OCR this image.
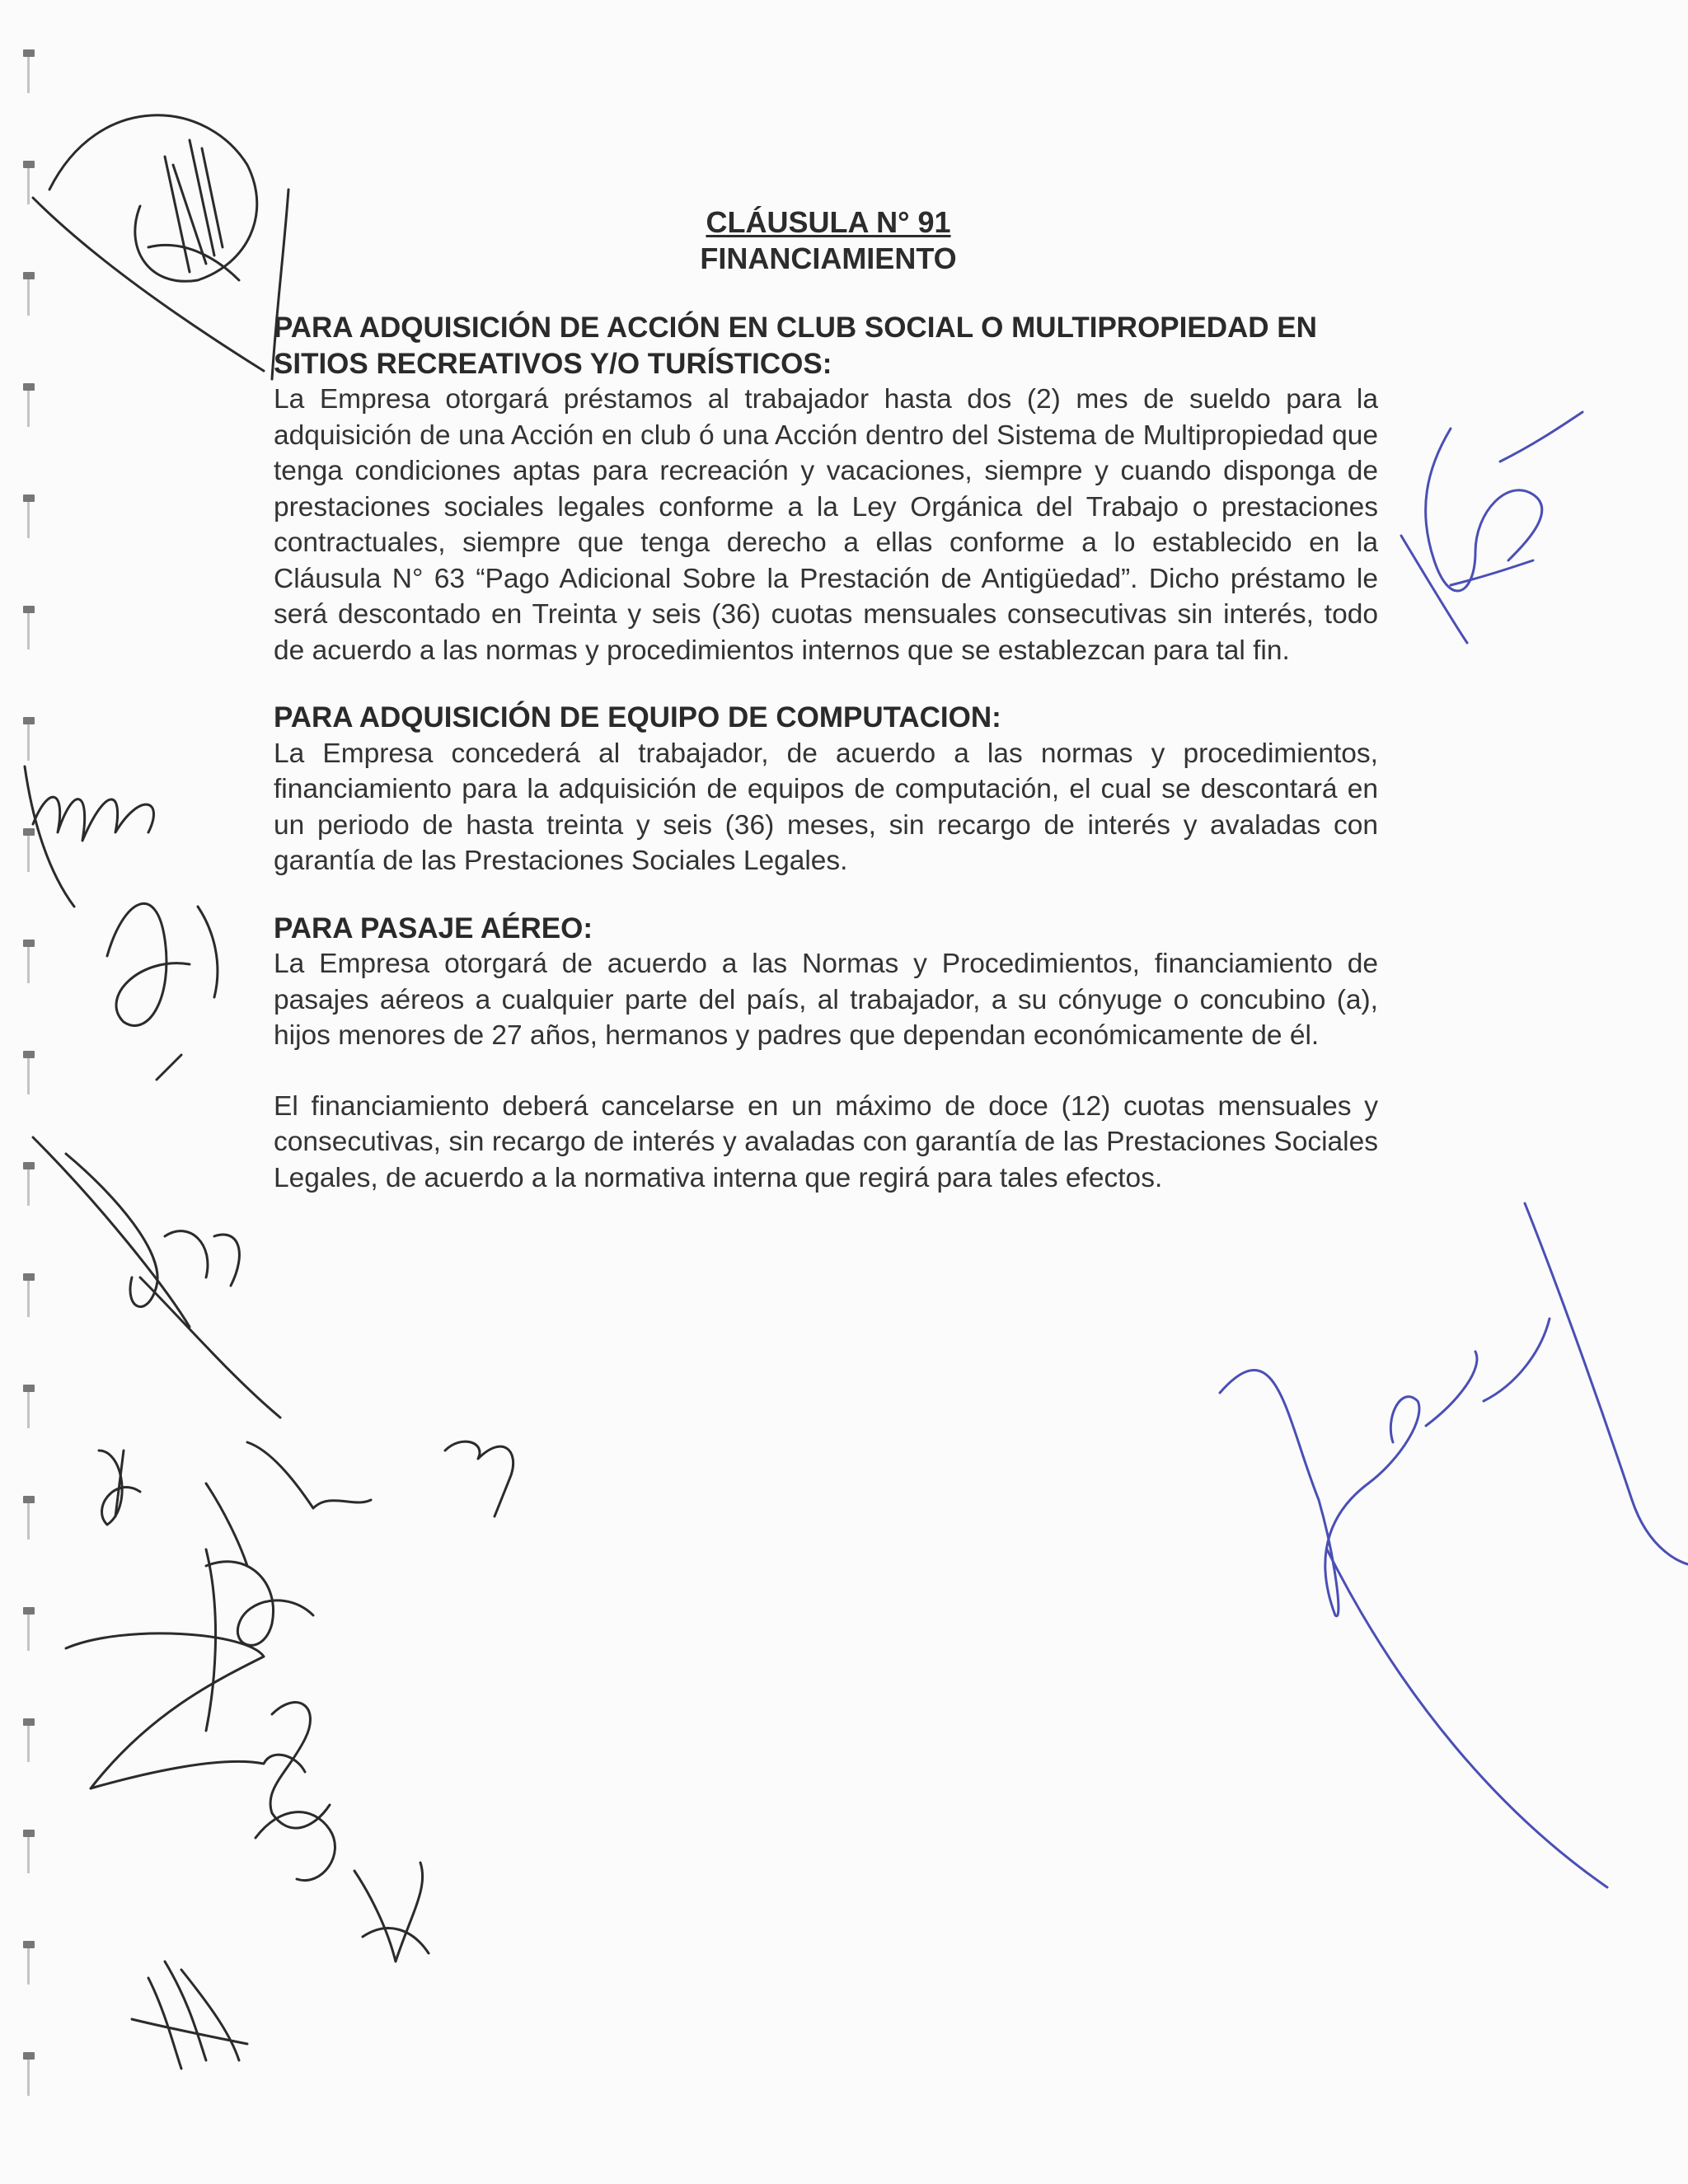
CLÁUSULA N° 91
FINANCIAMIENTO
PARA ADQUISICIÓN DE ACCIÓN EN CLUB SOCIAL O MULTIPROPIEDAD EN SITIOS RECREATIVOS Y/O TURÍSTICOS:

La Empresa otorgará préstamos al trabajador hasta dos (2) mes de sueldo para la adquisición de una Acción en club ó una Acción dentro del Sistema de Multipropiedad que tenga condiciones aptas para recreación y vacaciones, siempre y cuando disponga de prestaciones sociales legales conforme a la Ley Orgánica del Trabajo o prestaciones contractuales, siempre que tenga derecho a ellas conforme a lo establecido en la Cláusula N° 63 “Pago Adicional Sobre la Prestación de Antigüedad”. Dicho préstamo le será descontado en Treinta y seis (36) cuotas mensuales consecutivas sin interés, todo de acuerdo a las normas y procedimientos internos que se establezcan para tal fin.

PARA ADQUISICIÓN DE EQUIPO DE COMPUTACION:

La Empresa concederá al trabajador, de acuerdo a las normas y procedimientos, financiamiento para la adquisición de equipos de computación, el cual se descontará en un periodo de hasta treinta y seis (36) meses, sin recargo de interés y avaladas con garantía de las Prestaciones Sociales Legales.

PARA PASAJE AÉREO:

La Empresa otorgará de acuerdo a las Normas y Procedimientos, financiamiento de pasajes aéreos a cualquier parte del país, al trabajador, a su cónyuge o concubino (a), hijos menores de 27 años, hermanos y padres que dependan económicamente de él.

El financiamiento deberá cancelarse en un máximo de doce (12) cuotas mensuales y consecutivas, sin recargo de interés y avaladas con garantía de las Prestaciones Sociales Legales, de acuerdo a la normativa interna que regirá para tales efectos.
